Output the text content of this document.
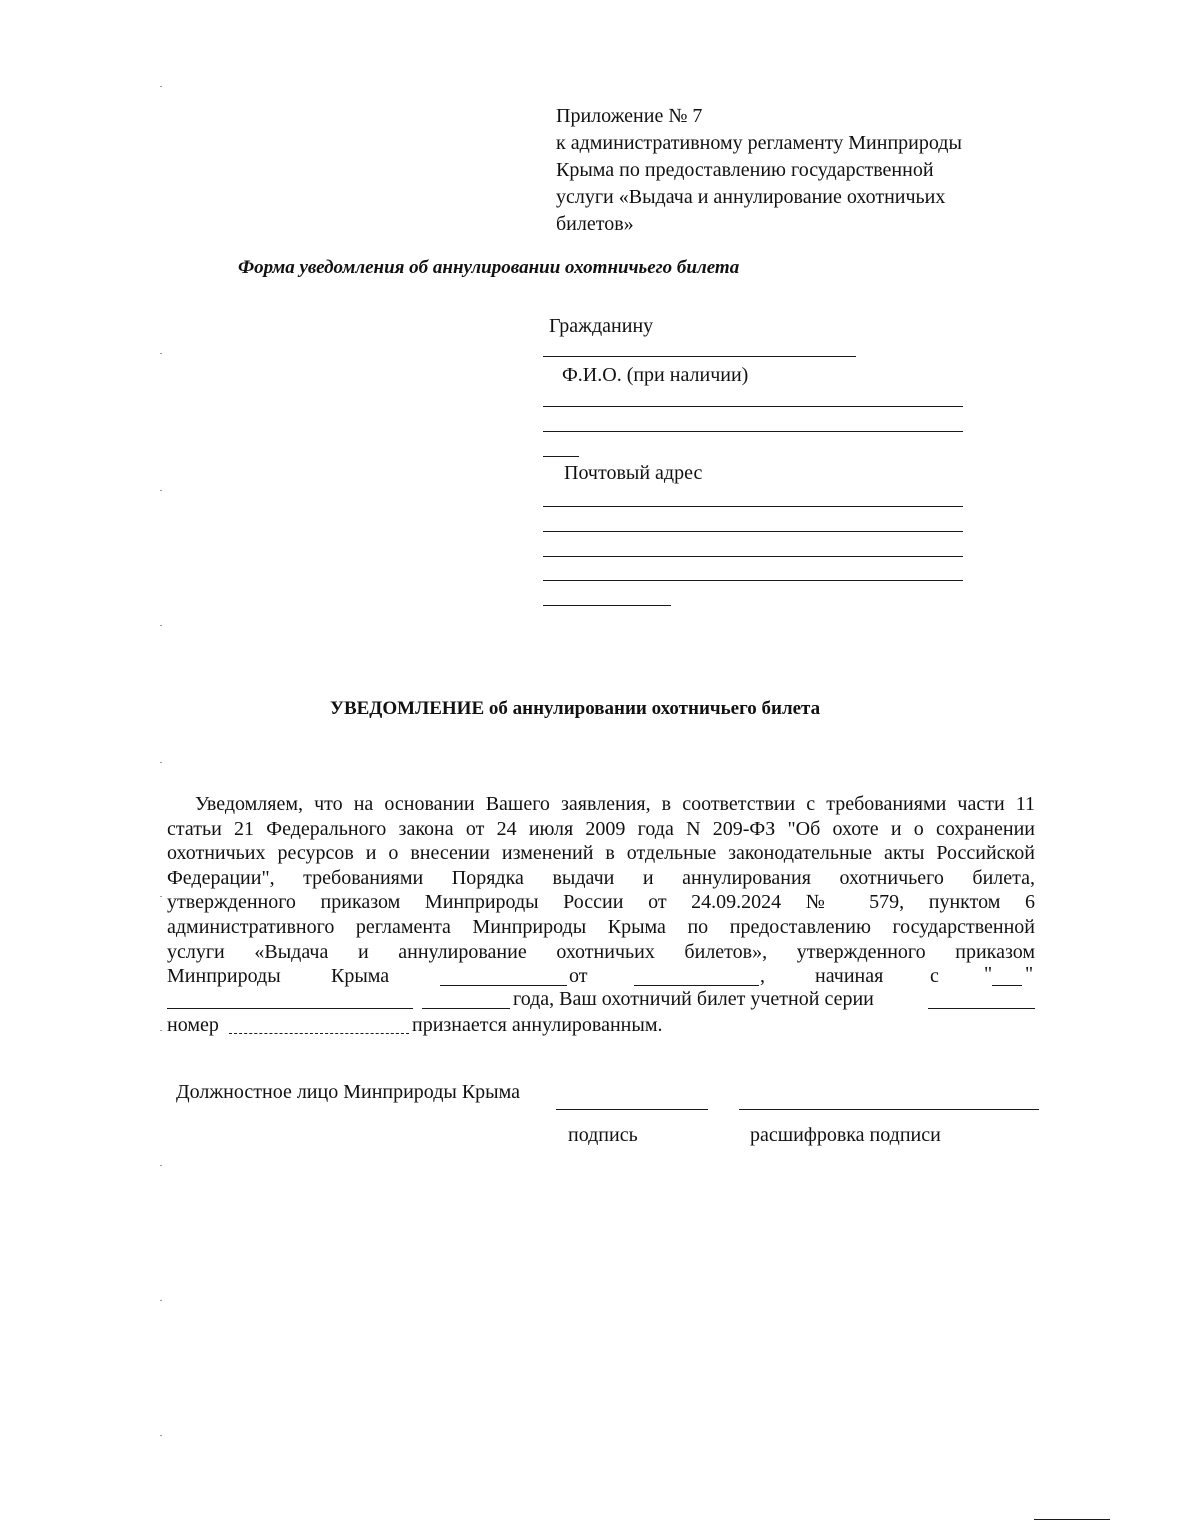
Приложение № 7
к административному регламенту Минприроды
Крыма по предоставлению государственной
услуги «Выдача и аннулирование охотничьих
билетов»
Форма уведомления об аннулировании охотничьего билета
Гражданину
Ф.И.О. (при наличии)
Почтовый адрес
УВЕДОМЛЕНИЕ об аннулировании охотничьего билета
Уведомляем, что на основании Вашего заявления, в соответствии с требованиями части 11
статьи 21 Федерального закона от 24 июля 2009 года N 209-ФЗ "Об охоте и о сохранении
охотничьих ресурсов и о внесении изменений в отдельные законодательные акты Российской
Федерации", требованиями Порядка выдачи и аннулирования охотничьего билета,
утвержденного приказом Минприроды России от 24.09.2024 № 579, пунктом 6
административного регламента Минприроды Крыма по предоставлению государственной
услуги «Выдача и аннулирование охотничьих билетов», утвержденного приказом
Минприроды	Крыма	от	,	начиная с " "
года, Ваш охотничий билет учетной серии
номер	признается аннулированным.
Должностное лицо Минприроды Крыма
подпись	расшифровка подписи
